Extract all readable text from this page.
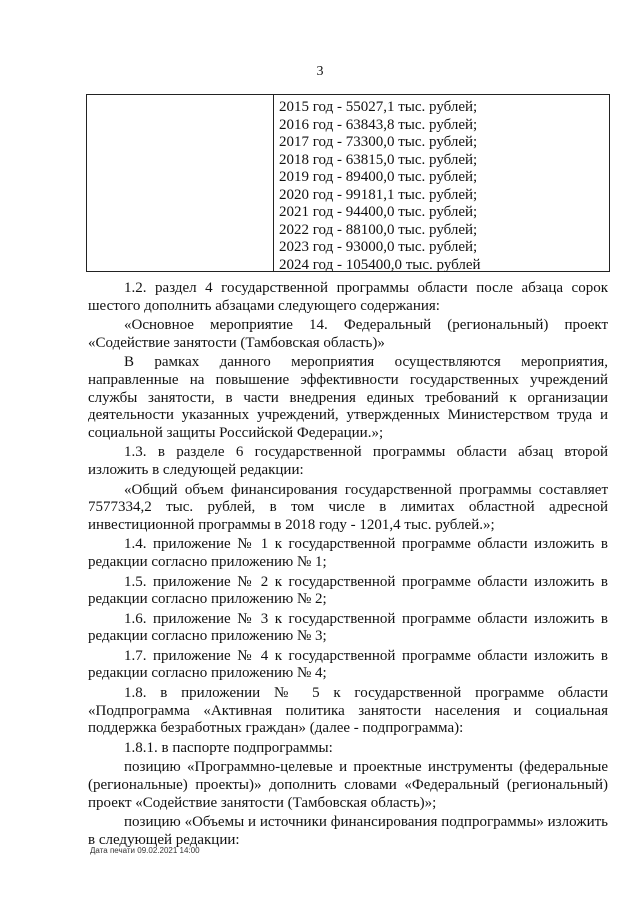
3
2015 год - 55027,1 тыс. рублей;
2016 год - 63843,8 тыс. рублей;
2017 год - 73300,0 тыс. рублей;
2018 год - 63815,0 тыс. рублей;
2019 год - 89400,0 тыс. рублей;
2020 год - 99181,1 тыс. рублей;
2021 год - 94400,0 тыс. рублей;
2022 год - 88100,0 тыс. рублей;
2023 год - 93000,0 тыс. рублей;
2024 год - 105400,0 тыс. рублей

1.2. раздел 4 государственной программы области после абзаца сорок шестого дополнить абзацами следующего содержания:

«Основное мероприятие 14. Федеральный (региональный) проект «Содействие занятости (Тамбовская область)»

В рамках данного мероприятия осуществляются мероприятия, направленные на повышение эффективности государственных учреждений службы занятости, в части внедрения единых требований к организации деятельности указанных учреждений, утвержденных Министерством труда и социальной защиты Российской Федерации.»;

1.3. в разделе 6 государственной программы области абзац второй изложить в следующей редакции:

«Общий объем финансирования государственной программы составляет 7577334,2 тыс. рублей, в том числе в лимитах областной адресной инвестиционной программы в 2018 году - 1201,4 тыс. рублей.»;

1.4. приложение № 1 к государственной программе области изложить в редакции согласно приложению № 1;

1.5. приложение № 2 к государственной программе области изложить в редакции согласно приложению № 2;

1.6. приложение № 3 к государственной программе области изложить в редакции согласно приложению № 3;

1.7. приложение № 4 к государственной программе области изложить в редакции согласно приложению № 4;

1.8. в приложении № 5 к государственной программе области «Подпрограмма «Активная политика занятости населения и социальная поддержка безработных граждан» (далее - подпрограмма):

1.8.1. в паспорте подпрограммы:

позицию «Программно-целевые и проектные инструменты (федеральные (региональные) проекты)» дополнить словами «Федеральный (региональный) проект «Содействие занятости (Тамбовская область)»;

позицию «Объемы и источники финансирования подпрограммы» изложить в следующей редакции:

Дата печати 09.02.2021 14:00
